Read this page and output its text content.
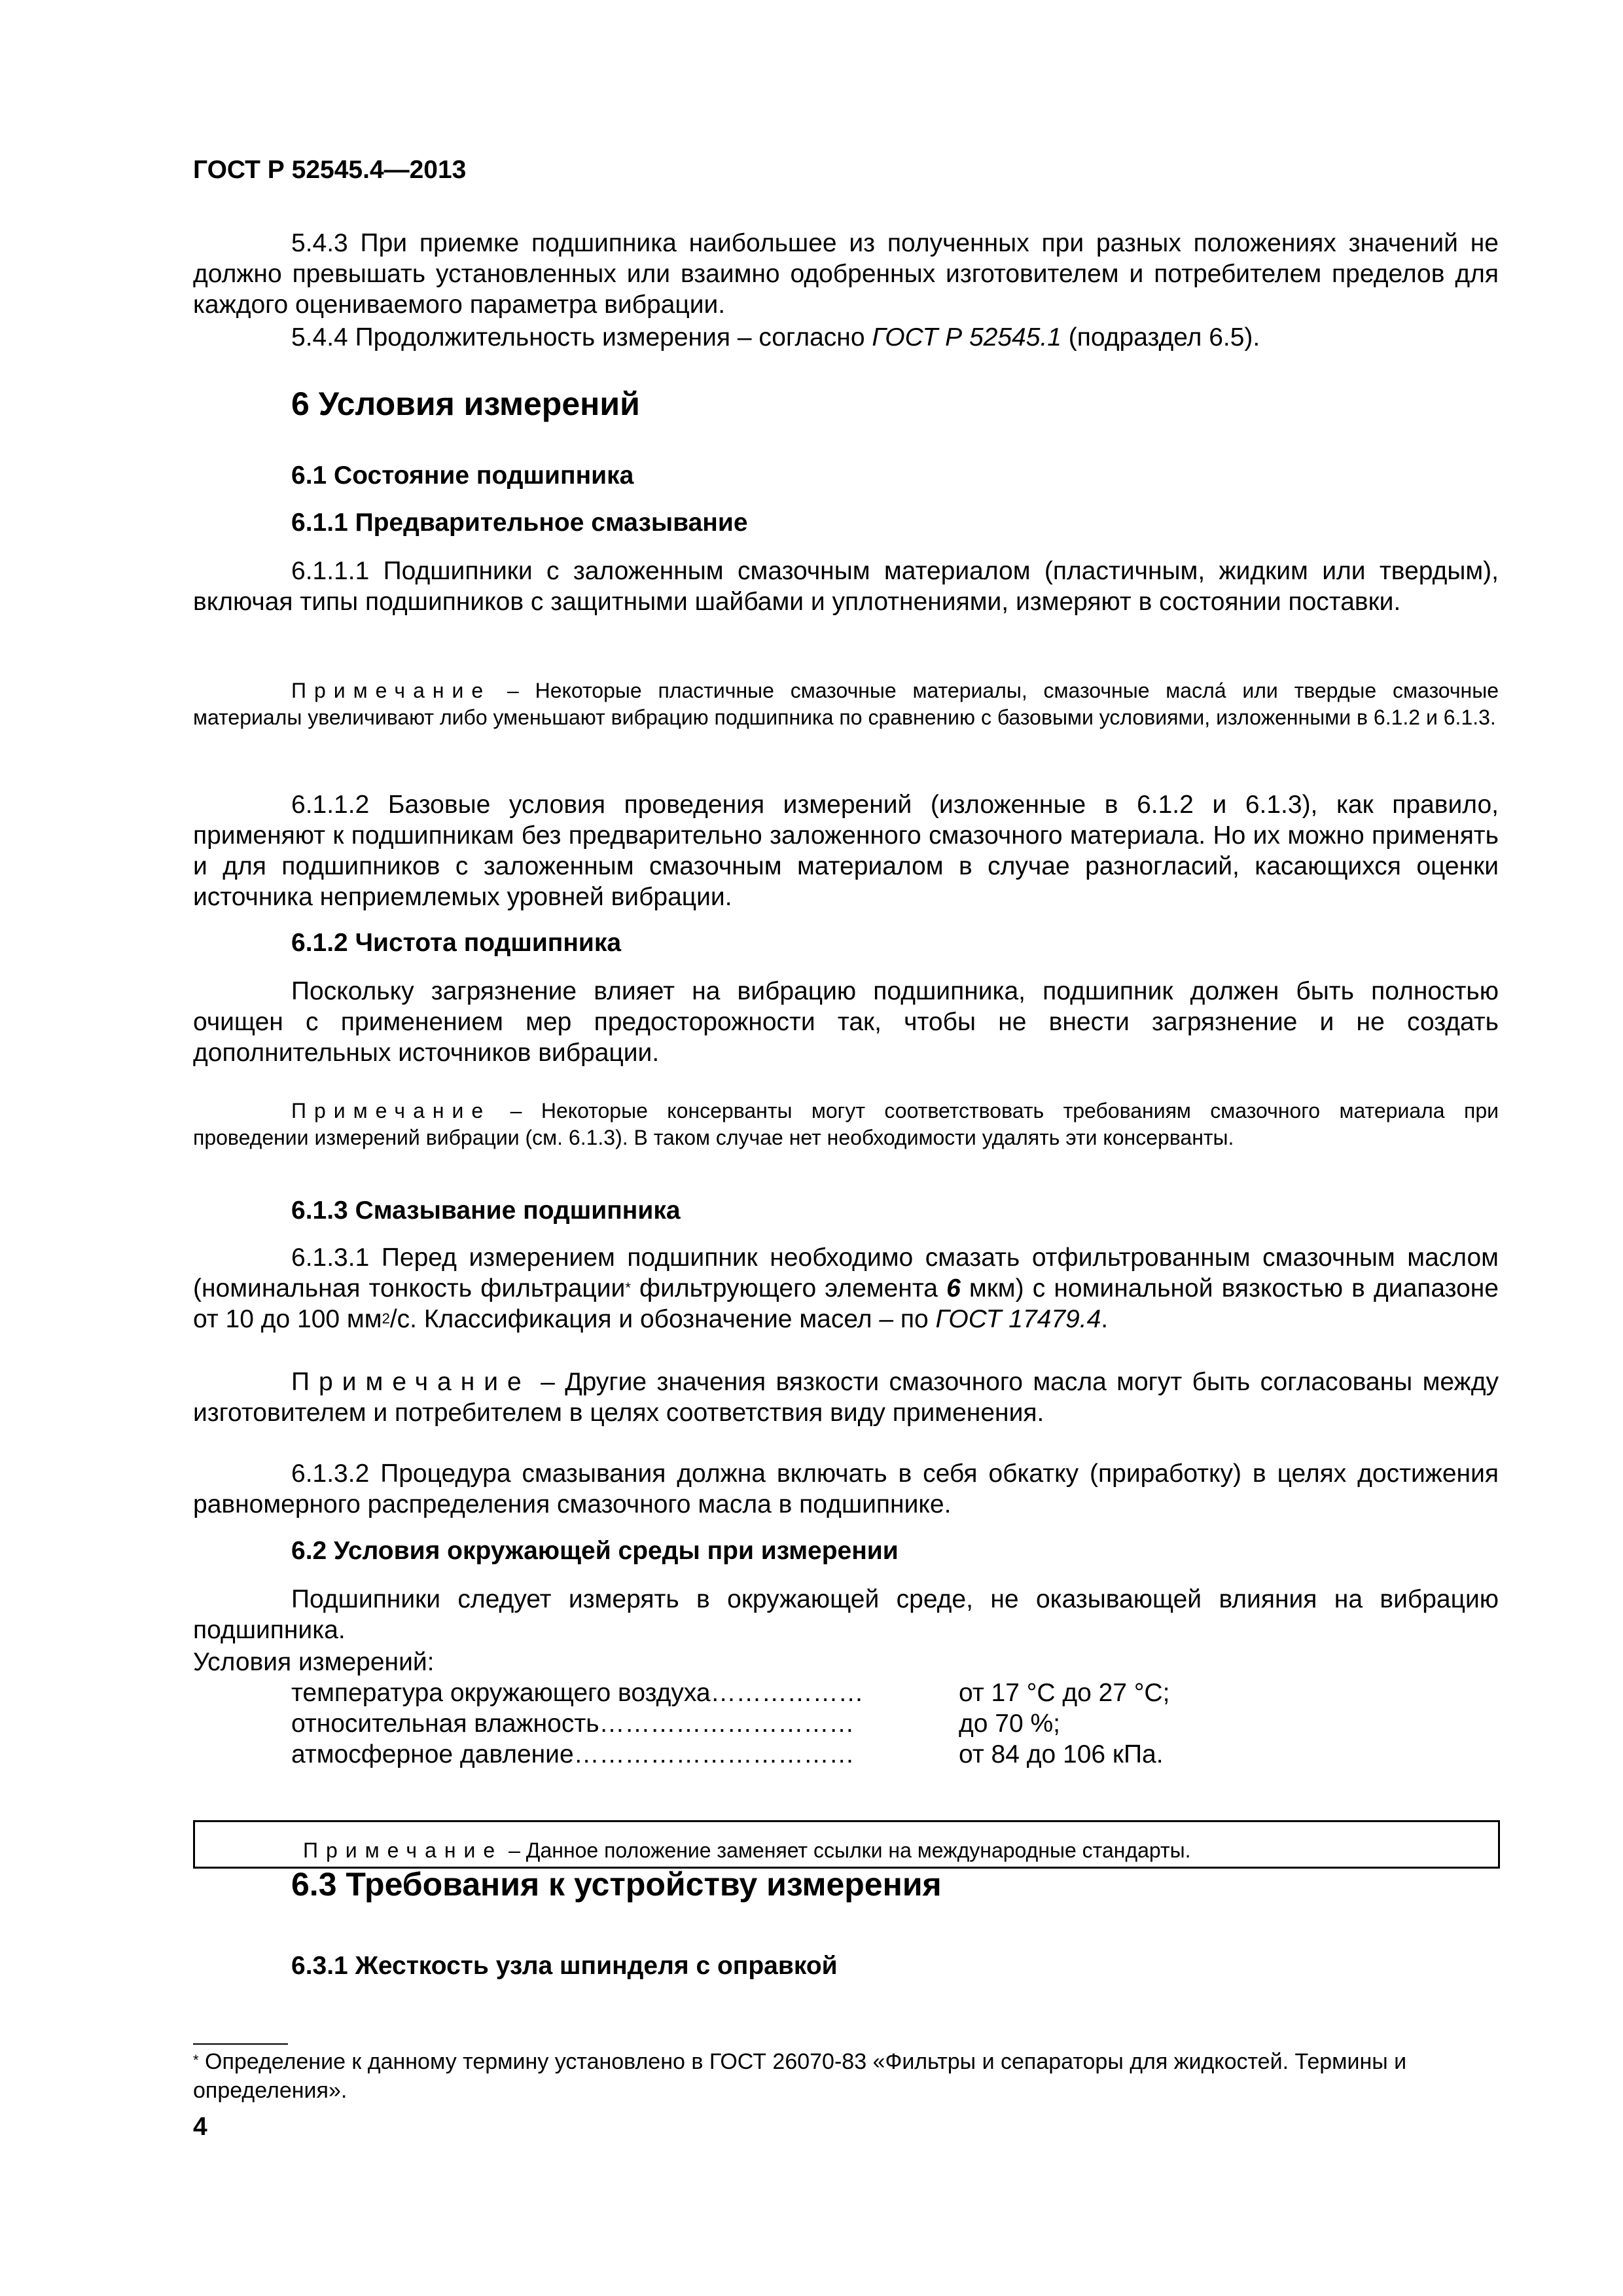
ГОСТ Р 52545.4—2013

5.4.3 При приемке подшипника наибольшее из полученных при разных положениях значений не должно превышать установленных или взаимно одобренных изготовителем и потребителем пределов для каждого оцениваемого параметра вибрации.

5.4.4 Продолжительность измерения – согласно ГОСТ Р 52545.1 (подраздел 6.5).

6 Условия измерений
6.1 Состояние подшипника
6.1.1 Предварительное смазывание

6.1.1.1 Подшипники с заложенным смазочным материалом (пластичным, жидким или твердым), включая типы подшипников с защитными шайбами и уплотнениями, измеряют в состоянии поставки.

Примечание – Некоторые пластичные смазочные материалы, смазочные масла́ или твердые смазочные материалы увеличивают либо уменьшают вибрацию подшипника по сравнению с базовыми условиями, изложенными в 6.1.2 и 6.1.3.

6.1.1.2 Базовые условия проведения измерений (изложенные в 6.1.2 и 6.1.3), как правило, применяют к подшипникам без предварительно заложенного смазочного материала. Но их можно применять и для подшипников с заложенным смазочным материалом в случае разногласий, касающихся оценки источника неприемлемых уровней вибрации.

6.1.2 Чистота подшипника

Поскольку загрязнение влияет на вибрацию подшипника, подшипник должен быть полностью очищен с применением мер предосторожности так, чтобы не внести загрязнение и не создать дополнительных источников вибрации.

Примечание – Некоторые консерванты могут соответствовать требованиям смазочного материала при проведении измерений вибрации (см. 6.1.3). В таком случае нет необходимости удалять эти консерванты.
6.1.3 Смазывание подшипника

6.1.3.1 Перед измерением подшипник необходимо смазать отфильтрованным смазочным маслом (номинальная тонкость фильтрации* фильтрующего элемента 6 мкм) с номинальной вязкостью в диапазоне от 10 до 100 $мм^2/с$. Классификация и обозначение масел – по ГОСТ 17479.4.

Примечание – Другие значения вязкости смазочного масла могут быть согласованы между изготовителем и потребителем в целях соответствия виду применения.

6.1.3.2 Процедура смазывания должна включать в себя обкатку (приработку) в целях достижения равномерного распределения смазочного масла в подшипнике.

6.2 Условия окружающей среды при измерении

Подшипники следует измерять в окружающей среде, не оказывающей влияния на вибрацию подшипника.

Условия измерений:
температура окружающего воздуха………………	от 17 °С до 27 °С;
относительная влажность…………………………	до 70 %;
атмосферное давление……………………………	от 84 до 106 кПа.
Примечание – Данное положение заменяет ссылки на международные стандарты.
6.3 Требования к устройству измерения
6.3.1 Жесткость узла шпинделя с оправкой
* Определение к данному термину установлено в ГОСТ 26070-83 «Фильтры и сепараторы для жидкостей. Термины и определения».
4
